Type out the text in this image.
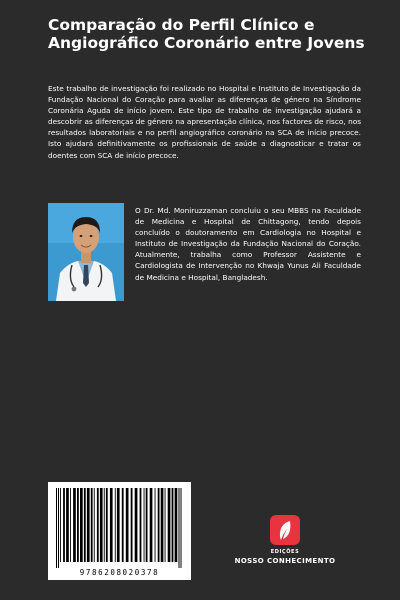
Comparação do Perfil Clínico e Angiográfico Coronário entre Jovens

Este trabalho de investigação foi realizado no Hospital e Instituto de Investigação da Fundação Nacional do Coração para avaliar as diferenças de género na Síndrome Coronária Aguda de início jovem. Este tipo de trabalho de investigação ajudará a descobrir as diferenças de género na apresentação clínica, nos factores de risco, nos resultados laboratoriais e no perfil angiográfico coronário na SCA de início precoce. Isto ajudará definitivamente os profissionais de saúde a diagnosticar e tratar os doentes com SCA de início precoce.

O Dr. Md. Moniruzzaman concluiu o seu MBBS na Faculdade de Medicina e Hospital de Chittagong, tendo depois concluído o doutoramento em Cardiologia no Hospital e Instituto de Investigação da Fundação Nacional do Coração. Atualmente, trabalha como Professor Assistente e Cardiologista de Intervenção no Khwaja Yunus Ali Faculdade de Medicina e Hospital, Bangladesh.

9786208020378
EDIÇÕES
NOSSO CONHECIMENTO
